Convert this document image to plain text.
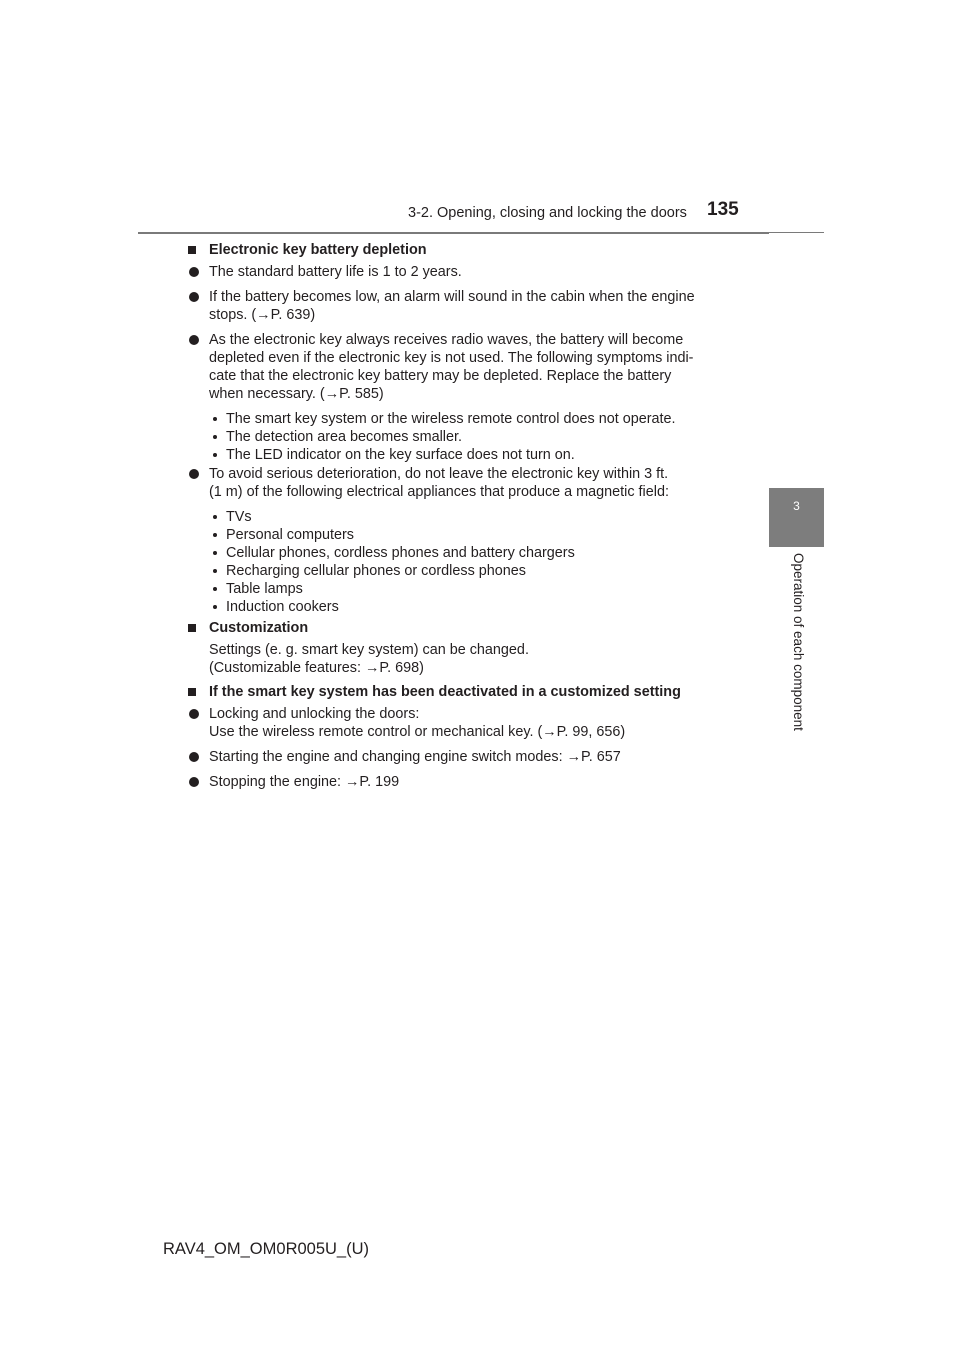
3-2. Opening, closing and locking the doors 135
3
Operation of each component
Electronic key battery depletion
The standard battery life is 1 to 2 years.
If the battery becomes low, an alarm will sound in the cabin when the engine
stops. (→P. 639)
As the electronic key always receives radio waves, the battery will become
depleted even if the electronic key is not used. The following symptoms indi-
cate that the electronic key battery may be depleted. Replace the battery
when necessary. (→P. 585)
The smart key system or the wireless remote control does not operate.
The detection area becomes smaller.
The LED indicator on the key surface does not turn on.
To avoid serious deterioration, do not leave the electronic key within 3 ft.
(1 m) of the following electrical appliances that produce a magnetic field:
TVs
Personal computers
Cellular phones, cordless phones and battery chargers
Recharging cellular phones or cordless phones
Table lamps
Induction cookers
Customization
Settings (e. g. smart key system) can be changed.
(Customizable features: →P. 698)
If the smart key system has been deactivated in a customized setting
Locking and unlocking the doors:
Use the wireless remote control or mechanical key. (→P. 99, 656)
Starting the engine and changing engine switch modes: →P. 657
Stopping the engine: →P. 199
RAV4_OM_OM0R005U_(U)
